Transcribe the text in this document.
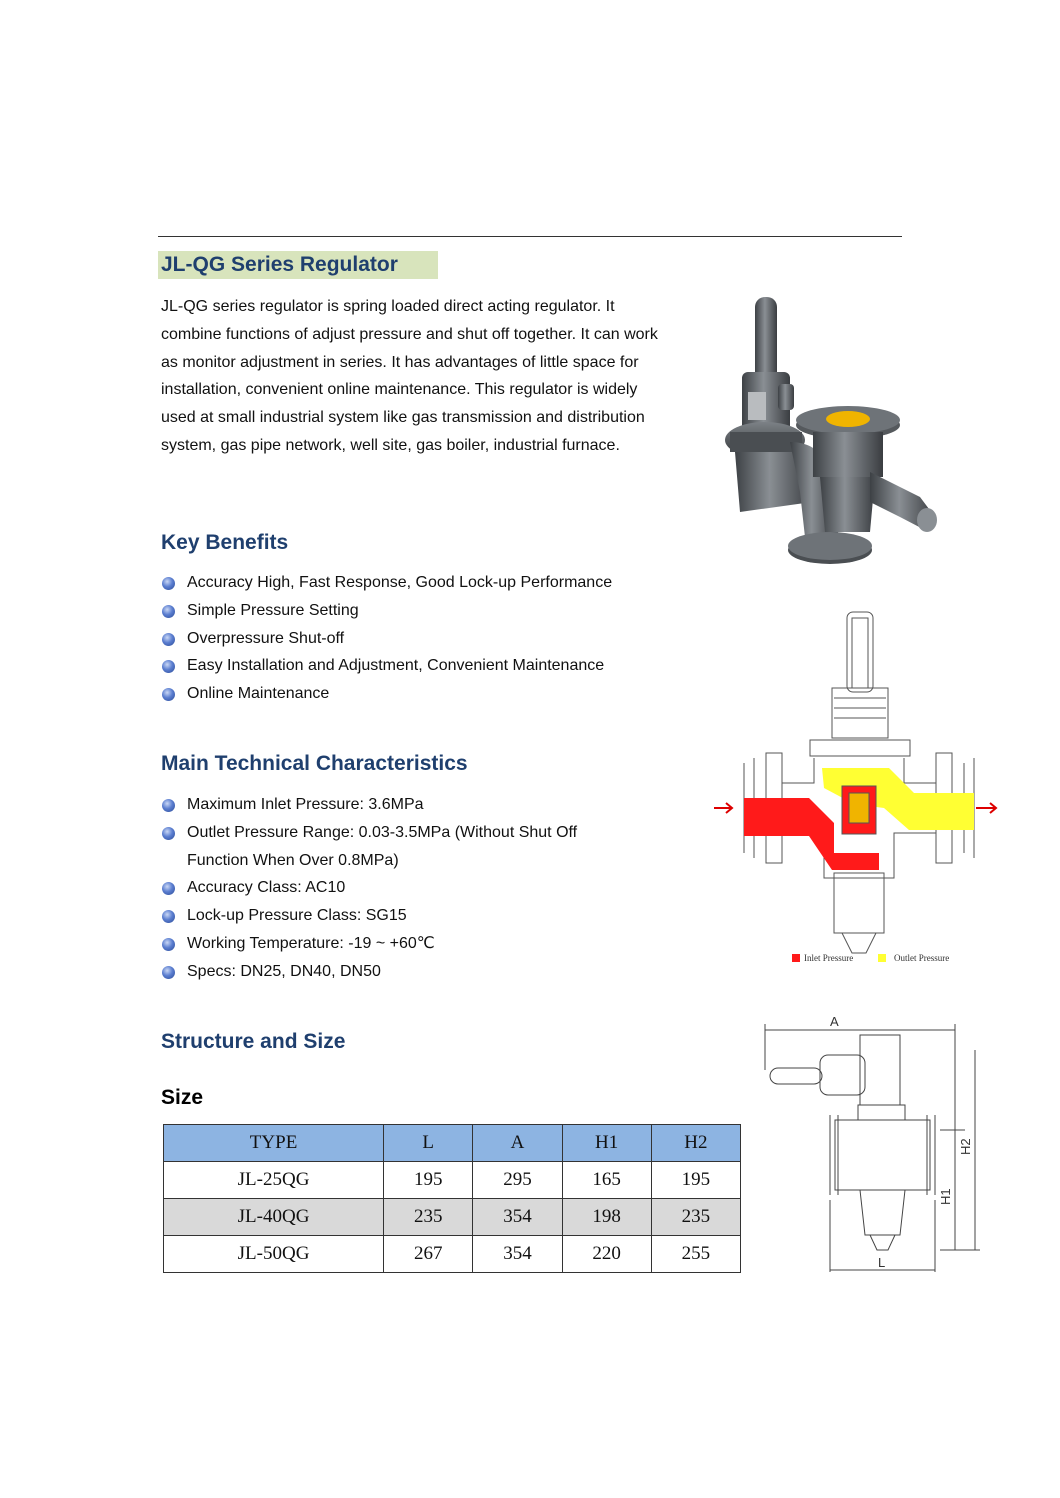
JL-QG Series Regulator

JL-QG series regulator is spring loaded direct acting regulator. It combine functions of adjust pressure and shut off together. It can work as monitor adjustment in series. It has advantages of little space for installation, convenient online maintenance. This regulator is widely used at small industrial system like gas transmission and distribution system, gas pipe network, well site, gas boiler, industrial furnace.

Key Benefits
Accuracy High, Fast Response, Good Lock-up Performance
Simple Pressure Setting
Overpressure Shut-off
Easy Installation and Adjustment, Convenient Maintenance
Online Maintenance
Inlet Pressure	Outlet Pressure
Main Technical Characteristics
Maximum Inlet Pressure: 3.6MPa
Outlet Pressure Range: 0.03-3.5MPa (Without Shut Off
Function When Over 0.8MPa)
Accuracy Class: AC10
Lock-up Pressure Class: SG15
Working Temperature: -19 ~ +60℃
Specs: DN25, DN40, DN50
Structure and Size
Size
A
L
H1
H2
TYPE	L	A	H1	H2
JL-25QG	195	295	165	195
JL-40QG	235	354	198	235
JL-50QG	267	354	220	255
